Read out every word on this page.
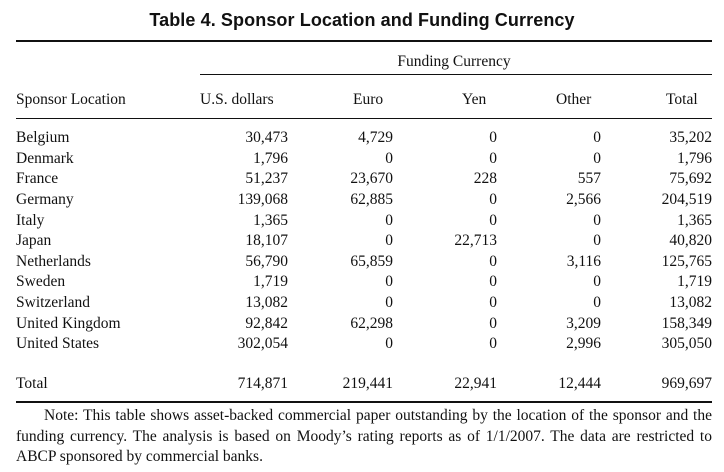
Table 4. Sponsor Location and Funding Currency
Funding Currency
Sponsor Location	U.S. dollars	Euro	Yen	Other	Total
Belgium	30,473	4,729	0	0	35,202
Denmark	1,796	0	0	0	1,796
France	51,237	23,670	228	557	75,692
Germany	139,068	62,885	0	2,566	204,519
Italy	1,365	0	0	0	1,365
Japan	18,107	0	22,713	0	40,820
Netherlands	56,790	65,859	0	3,116	125,765
Sweden	1,719	0	0	0	1,719
Switzerland	13,082	0	0	0	13,082
United Kingdom	92,842	62,298	0	3,209	158,349
United States	302,054	0	0	2,996	305,050
Total	714,871	219,441	22,941	12,444	969,697
Note: This table shows asset-backed commercial paper outstanding by the location of the sponsor and the funding currency. The analysis is based on Moody’s rating reports as of 1/1/2007. The data are restricted to ABCP sponsored by commercial banks.
